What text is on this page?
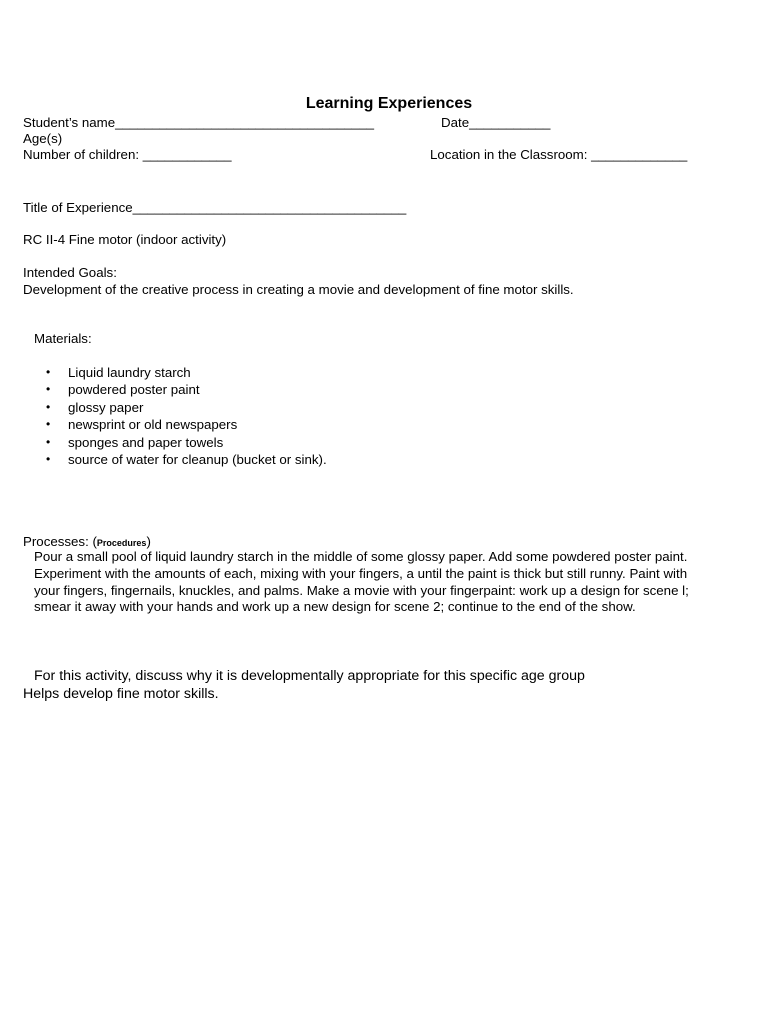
Learning Experiences
Student’s name___________________________________	Date___________
Age(s)
Number of children: ____________	Location in the Classroom: _____________
Title of Experience_____________________________________
RC II-4 Fine motor (indoor activity)
Intended Goals:
Development of the creative process in creating a movie and development of fine motor skills.
Materials:
• Liquid laundry starch
• powdered poster paint
• glossy paper
• newsprint or old newspapers
• sponges and paper towels
• source of water for cleanup (bucket or sink).
Processes: (Procedures)
Pour a small pool of liquid laundry starch in the middle of some glossy paper. Add some powdered poster paint. Experiment with the amounts of each, mixing with your fingers, a until the paint is thick but still runny. Paint with your fingers, fingernails, knuckles, and palms. Make a movie with your fingerpaint: work up a design for scene l; smear it away with your hands and work up a new design for scene 2; continue to the end of the show.
For this activity, discuss why it is developmentally appropriate for this specific age group
Helps develop fine motor skills.
